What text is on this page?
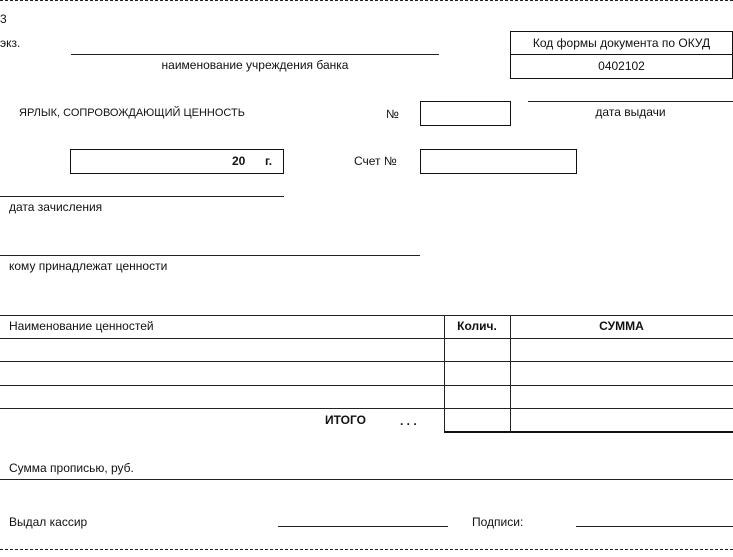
3
экз.
наименование учреждения банка
Код формы документа по ОКУД
0402102
ЯРЛЫК, СОПРОВОЖДАЮЩИЙ ЦЕННОСТЬ	№	дата выдачи
20 г.	Счет №
дата зачисления
кому принадлежат ценности
Наименование ценностей	Колич.	СУММА
ИТОГО	. . .
Сумма прописью, руб.
Выдал кассир	Подписи:
